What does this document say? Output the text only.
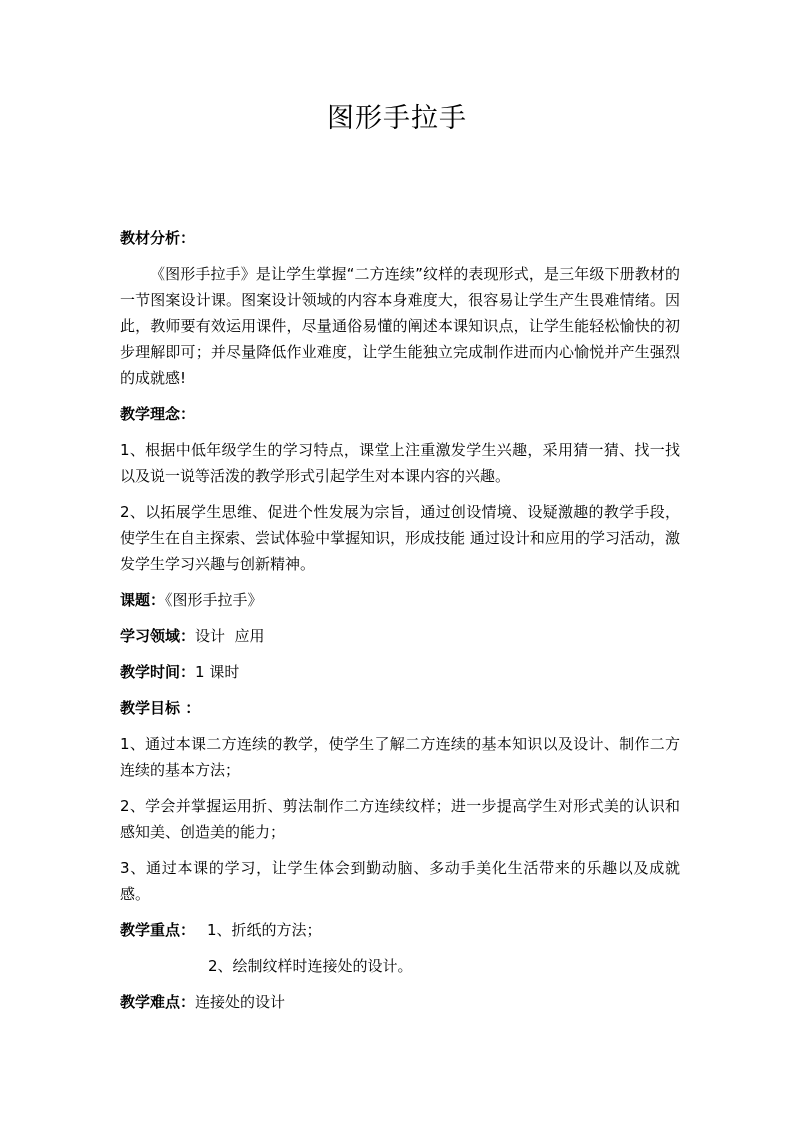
图形手拉手
教材分析：
《图形手拉手》是让学生掌握“二方连续”纹样的表现形式，是三年级下册教材的一节图案设计课。图案设计领域的内容本身难度大，很容易让学生产生畏难情绪。因此，教师要有效运用课件，尽量通俗易懂的阐述本课知识点，让学生能轻松愉快的初步理解即可；并尽量降低作业难度，让学生能独立完成制作进而内心愉悦并产生强烈的成就感!
教学理念：
1、根据中低年级学生的学习特点，课堂上注重激发学生兴趣，采用猜一猜、找一找以及说一说等活泼的教学形式引起学生对本课内容的兴趣。
2、以拓展学生思维、促进个性发展为宗旨，通过创设情境、设疑激趣的教学手段，使学生在自主探索、尝试体验中掌握知识，形成技能 通过设计和应用的学习活动，激发学生学习兴趣与创新精神。
课题：《图形手拉手》
学习领域：设计  应用
教学时间：1 课时
教学目标 ：
1、通过本课二方连续的教学，使学生了解二方连续的基本知识以及设计、制作二方连续的基本方法；
2、学会并掌握运用折、剪法制作二方连续纹样；进一步提高学生对形式美的认识和感知美、创造美的能力；
3、通过本课的学习，让学生体会到勤动脑、多动手美化生活带来的乐趣以及成就感。
教学重点： 1、折纸的方法；
2、绘制纹样时连接处的设计。
教学难点：连接处的设计
